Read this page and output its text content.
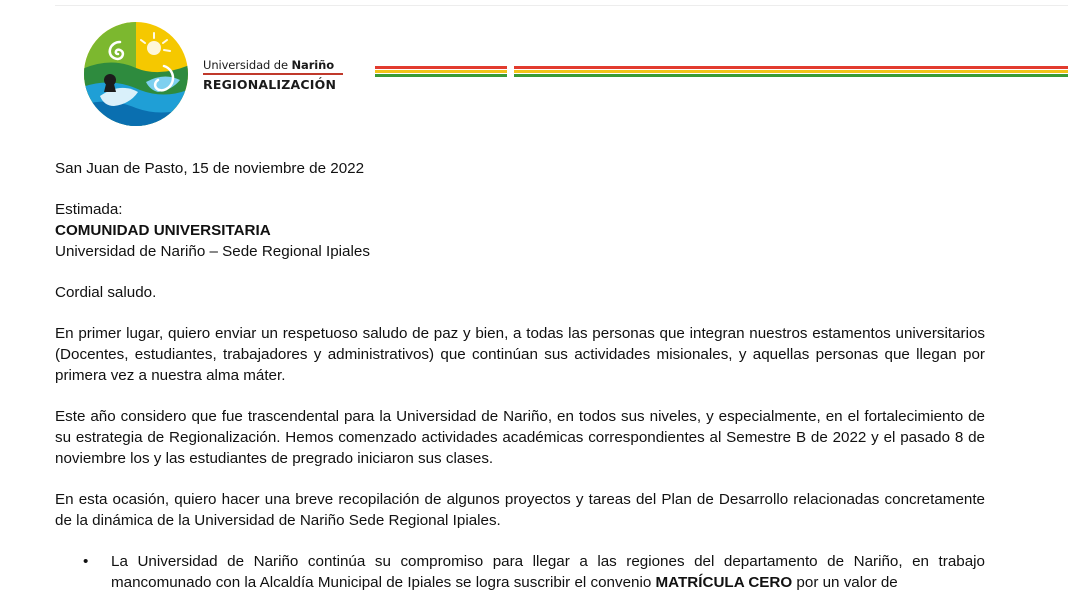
Universidad de Nariño
REGIONALIZACIÓN

San Juan de Pasto, 15 de noviembre de 2022

Estimada:

COMUNIDAD UNIVERSITARIA

Universidad de Nariño – Sede Regional Ipiales

Cordial saludo.

En primer lugar, quiero enviar un respetuoso saludo de paz y bien, a todas las personas que integran nuestros estamentos universitarios (Docentes, estudiantes, trabajadores y administrativos) que continúan sus actividades misionales, y aquellas personas que llegan por primera vez a nuestra alma máter.

Este año considero que fue trascendental para la Universidad de Nariño, en todos sus niveles, y especialmente, en el fortalecimiento de su estrategia de Regionalización. Hemos comenzado actividades académicas correspondientes al Semestre B de 2022 y el pasado 8 de noviembre los y las estudiantes de pregrado iniciaron sus clases.

En esta ocasión, quiero hacer una breve recopilación de algunos proyectos y tareas del Plan de Desarrollo relacionadas concretamente de la dinámica de la Universidad de Nariño Sede Regional Ipiales.

• La Universidad de Nariño continúa su compromiso para llegar a las regiones del departamento de Nariño, en trabajo mancomunado con la Alcaldía Municipal de Ipiales se logra suscribir el convenio MATRÍCULA CERO por un valor de
